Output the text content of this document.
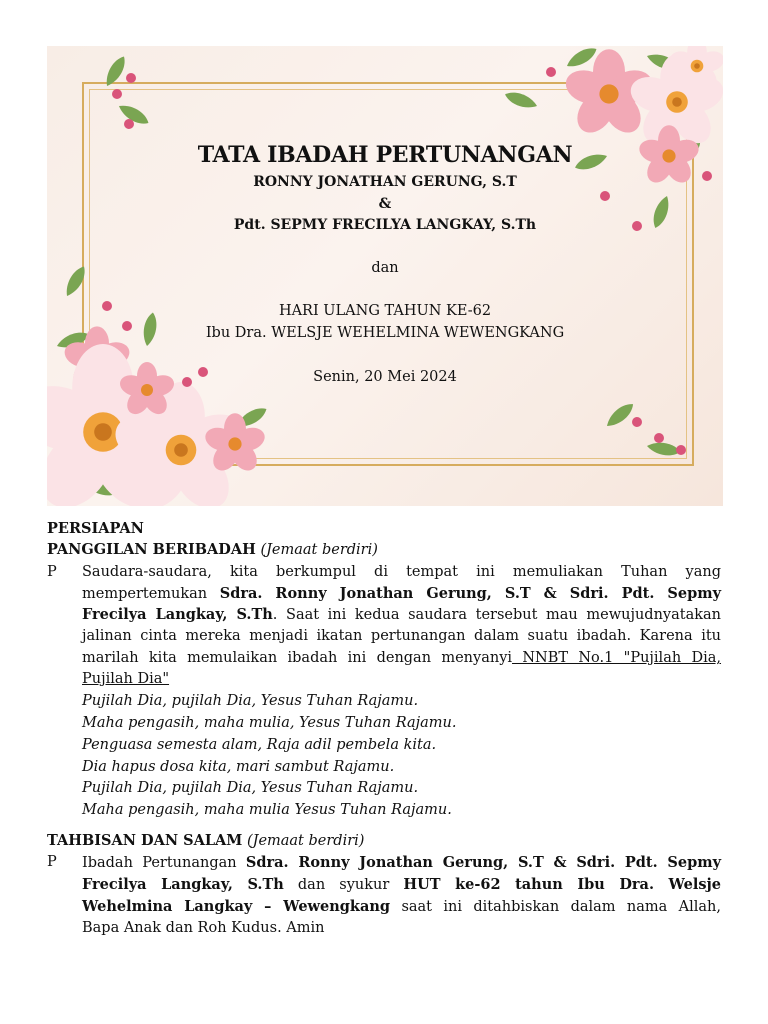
TATA IBADAH PERTUNANGAN
RONNY JONATHAN GERUNG, S.T
&
Pdt. SEPMY FRECILYA LANGKAY, S.Th
dan
HARI ULANG TAHUN KE-62
Ibu Dra. WELSJE WEHELMINA WEWENGKANG
Senin, 20 Mei 2024
PERSIAPAN
PANGGILAN BERIBADAH (Jemaat berdiri)
P Saudara-saudara, kita berkumpul di tempat ini memuliakan Tuhan yang
mempertemukan Sdra. Ronny Jonathan Gerung, S.T & Sdri. Pdt. Sepmy
Frecilya Langkay, S.Th. Saat ini kedua saudara tersebut mau mewujudnyatakan
jalinan cinta mereka menjadi ikatan pertunangan dalam suatu ibadah. Karena itu
marilah kita memulaikan ibadah ini dengan menyanyi NNBT No.1 "Pujilah Dia,
Pujilah Dia"
Pujilah Dia, pujilah Dia, Yesus Tuhan Rajamu.
Maha pengasih, maha mulia, Yesus Tuhan Rajamu.
Penguasa semesta alam, Raja adil pembela kita.
Dia hapus dosa kita, mari sambut Rajamu.
Pujilah Dia, pujilah Dia, Yesus Tuhan Rajamu.
Maha pengasih, maha mulia Yesus Tuhan Rajamu.
TAHBISAN DAN SALAM (Jemaat berdiri)
P Ibadah Pertunangan Sdra. Ronny Jonathan Gerung, S.T & Sdri. Pdt. Sepmy
Frecilya Langkay, S.Th dan syukur HUT ke-62 tahun Ibu Dra. Welsje
Wehelmina Langkay – Wewengkang saat ini ditahbiskan dalam nama Allah,
Bapa Anak dan Roh Kudus. Amin
